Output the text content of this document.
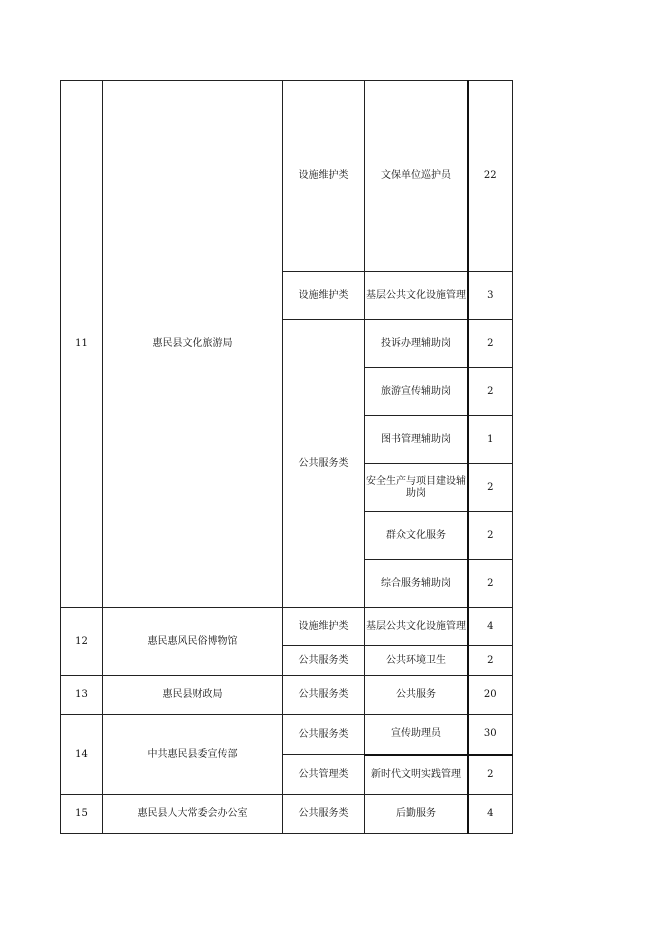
11	惠民县文化旅游局	设施维护类	文保单位巡护员	22
		设施维护类	基层公共文化设施管理	3
		公共服务类	投诉办理辅助岗	2
			旅游宣传辅助岗	2
			图书管理辅助岗	1
			安全生产与项目建设辅助岗	2
			群众文化服务	2
			综合服务辅助岗	2
12	惠民惠风民俗博物馆	设施维护类	基层公共文化设施管理	4
		公共服务类	公共环境卫生	2
13	惠民县财政局	公共服务类	公共服务	20
14	中共惠民县委宣传部	公共服务类	宣传助理员	30
		公共管理类	新时代文明实践管理	2
15	惠民县人大常委会办公室	公共服务类	后勤服务	4
